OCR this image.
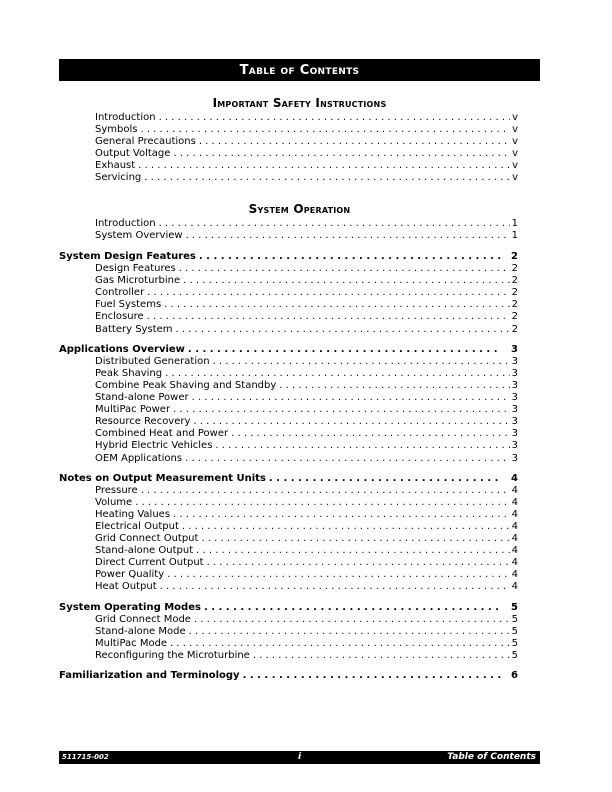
Table of Contents
Important Safety Instructions
Introduction . . .	v
Symbols . . .	v
General Precautions . . .	v
Output Voltage . . .	v
Exhaust . . .	v
Servicing . . .	v
System Operation
Introduction . . .	1
System Overview . . .	1
System Design Features . . .	2
Design Features . . .	2
Gas Microturbine . . .	2
Controller . . .	2
Fuel Systems . . .	2
Enclosure . . .	2
Battery System . . .	2
Applications Overview . . .	3
Distributed Generation . . .	3
Peak Shaving . . .	3
Combine Peak Shaving and Standby . . .	3
Stand-alone Power . . .	3
MultiPac Power . . .	3
Resource Recovery . . .	3
Combined Heat and Power . . .	3
Hybrid Electric Vehicles . . .	3
OEM Applications . . .	3
Notes on Output Measurement Units . . .	4
Pressure . . .	4
Volume . . .	4
Heating Values . . .	4
Electrical Output . . .	4
Grid Connect Output . . .	4
Stand-alone Output . . .	4
Direct Current Output . . .	4
Power Quality . . .	4
Heat Output . . .	4
System Operating Modes . . .	5
Grid Connect Mode . . .	5
Stand-alone Mode . . .	5
MultiPac Mode . . .	5
Reconfiguring the Microturbine . . .	5
Familiarization and Terminology . . .	6
511715-002	i	Table of Contents
